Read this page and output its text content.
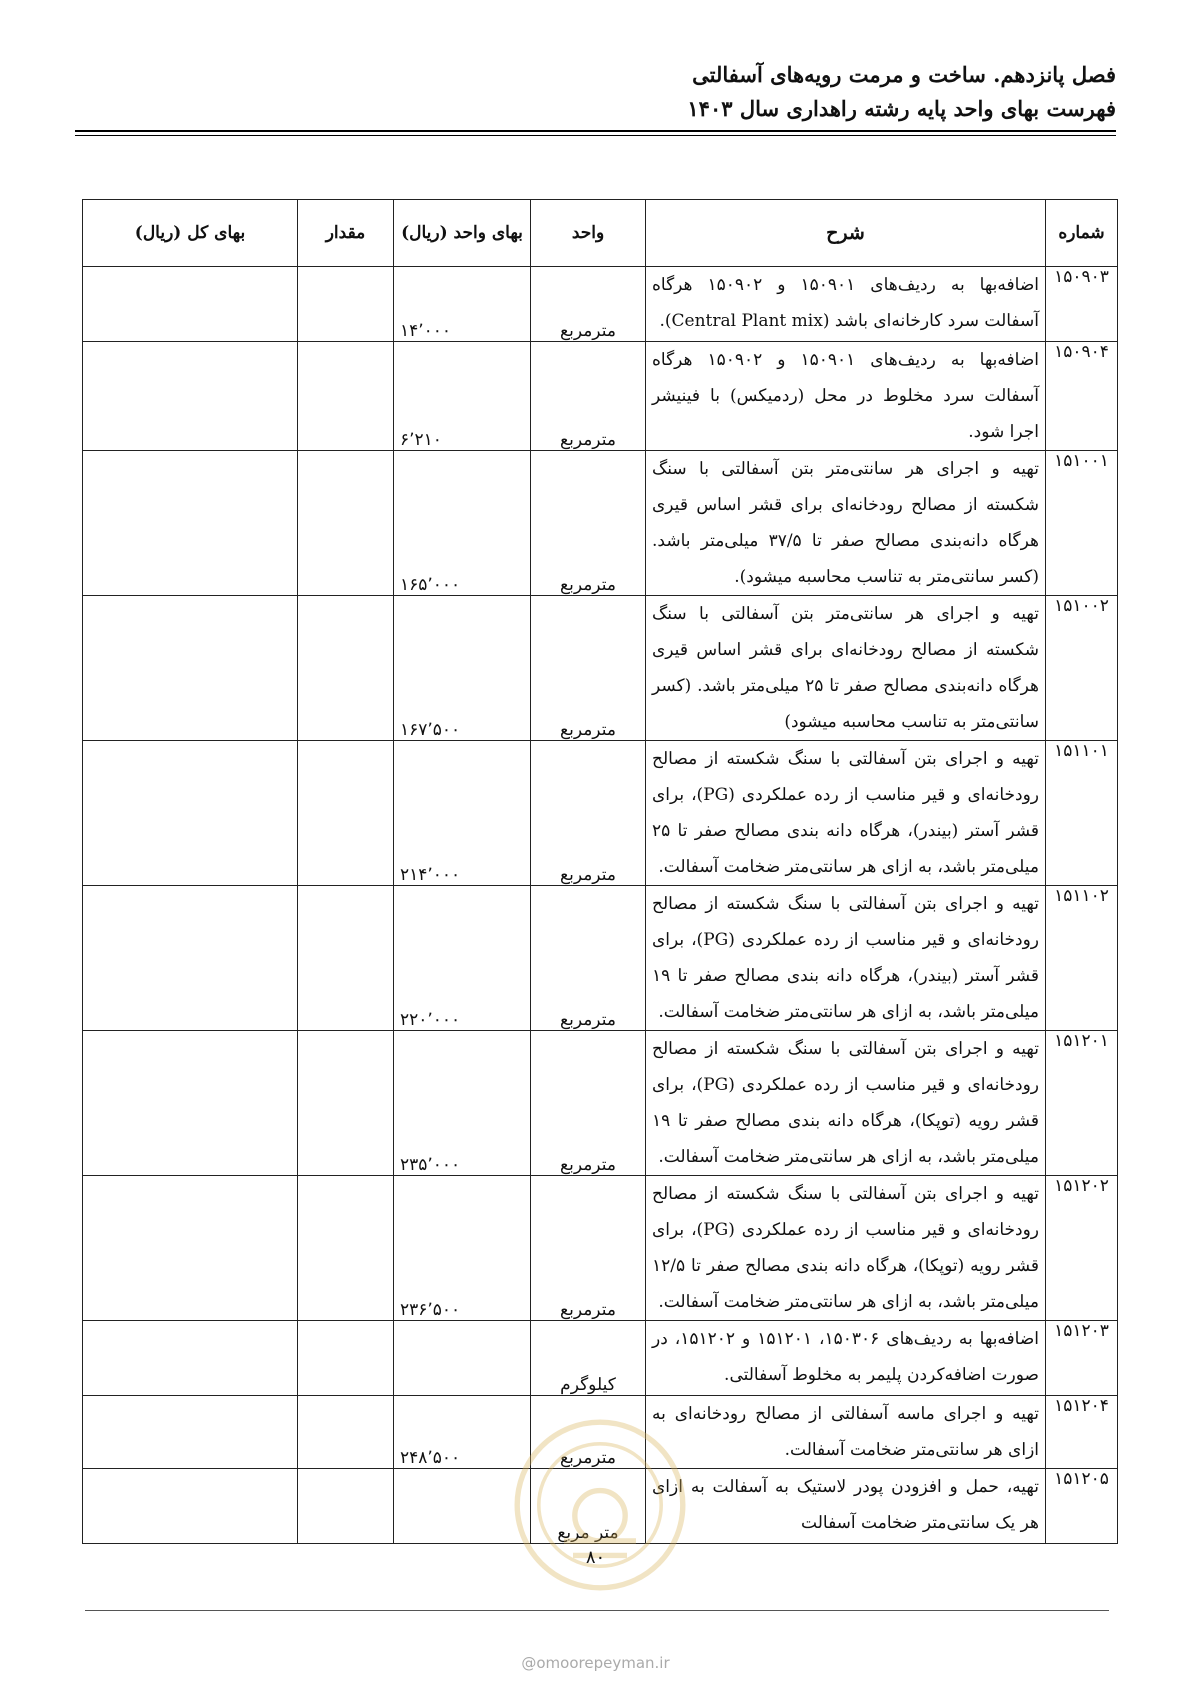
فصل پانزدهم. ساخت و مرمت رویه‌های آسفالتی
فهرست بهای واحد پایه رشته راهداری سال ۱۴۰۳
شماره	شرح	واحد	بهای واحد (ریال)	مقدار	بهای کل (ریال)
۱۵۰۹۰۳	اضافه‌بها به ردیف‌های ۱۵۰۹۰۱ و ۱۵۰۹۰۲ هرگاه آسفالت سرد کارخانه‌ای باشد (Central Plant mix).	مترمربع	۱۴٬۰۰۰		
۱۵۰۹۰۴	اضافه‌بها به ردیف‌های ۱۵۰۹۰۱ و ۱۵۰۹۰۲ هرگاه آسفالت سرد مخلوط در محل (ردمیکس) با فینیشر اجرا شود.	مترمربع	۶٬۲۱۰		
۱۵۱۰۰۱	تهیه و اجرای هر سانتی‌متر بتن آسفالتی با سنگ شکسته از مصالح رودخانه‌ای برای قشر اساس قیری هرگاه دانه‌بندی مصالح صفر تا ۳۷/۵ میلی‌متر باشد. (کسر سانتی‌متر به تناسب محاسبه میشود).	مترمربع	۱۶۵٬۰۰۰		
۱۵۱۰۰۲	تهیه و اجرای هر سانتی‌متر بتن آسفالتی با سنگ شکسته از مصالح رودخانه‌ای برای قشر اساس قیری هرگاه دانه‌بندی مصالح صفر تا ۲۵ میلی‌متر باشد. (کسر سانتی‌متر به تناسب محاسبه میشود)	مترمربع	۱۶۷٬۵۰۰		
۱۵۱۱۰۱	تهیه و اجرای بتن آسفالتی با سنگ شکسته از مصالح رودخانه‌ای و قیر مناسب از رده عملکردی (PG)، برای قشر آستر (بیندر)، هرگاه دانه بندی مصالح صفر تا ۲۵ میلی‌متر باشد، به ازای هر سانتی‌متر ضخامت آسفالت.	مترمربع	۲۱۴٬۰۰۰		
۱۵۱۱۰۲	تهیه و اجرای بتن آسفالتی با سنگ شکسته از مصالح رودخانه‌ای و قیر مناسب از رده عملکردی (PG)، برای قشر آستر (بیندر)، هرگاه دانه بندی مصالح صفر تا ۱۹ میلی‌متر باشد، به ازای هر سانتی‌متر ضخامت آسفالت.	مترمربع	۲۲۰٬۰۰۰		
۱۵۱۲۰۱	تهیه و اجرای بتن آسفالتی با سنگ شکسته از مصالح رودخانه‌ای و قیر مناسب از رده عملکردی (PG)، برای قشر رویه (توپکا)، هرگاه دانه بندی مصالح صفر تا ۱۹ میلی‌متر باشد، به ازای هر سانتی‌متر ضخامت آسفالت.	مترمربع	۲۳۵٬۰۰۰		
۱۵۱۲۰۲	تهیه و اجرای بتن آسفالتی با سنگ شکسته از مصالح رودخانه‌ای و قیر مناسب از رده عملکردی (PG)، برای قشر رویه (توپکا)، هرگاه دانه بندی مصالح صفر تا ۱۲/۵ میلی‌متر باشد، به ازای هر سانتی‌متر ضخامت آسفالت.	مترمربع	۲۳۶٬۵۰۰		
۱۵۱۲۰۳	اضافه‌بها به ردیف‌های ۱۵۰۳۰۶، ۱۵۱۲۰۱ و ۱۵۱۲۰۲، در صورت اضافه‌کردن پلیمر به مخلوط آسفالتی.	کیلوگرم			
۱۵۱۲۰۴	تهیه و اجرای ماسه آسفالتی از مصالح رودخانه‌ای به ازای هر سانتی‌متر ضخامت آسفالت.	مترمربع	۲۴۸٬۵۰۰		
۱۵۱۲۰۵	تهیه، حمل و افزودن پودر لاستیک به آسفالت به ازای هر یک سانتی‌متر ضخامت آسفالت	متر مربع			
۸۰
@omoorepeyman.ir
